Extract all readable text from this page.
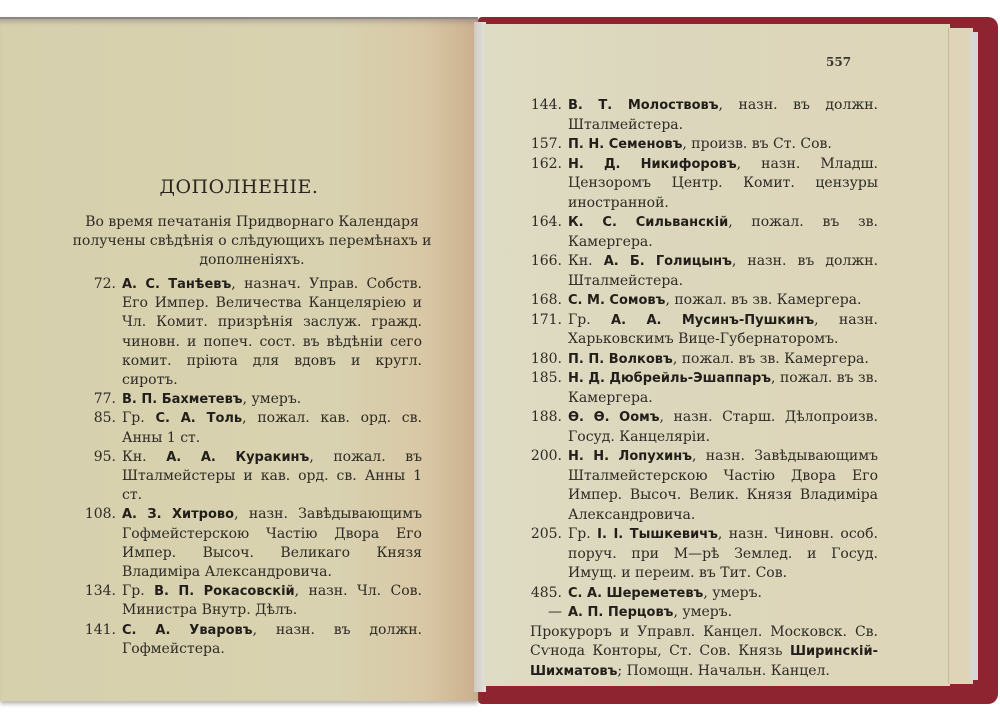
557
ДОПОЛНЕНІЕ.
Во время печатанія Придворнаго Календаря получены свѣдѣнія о слѣдующихъ перемѣнахъ и дополненіяхъ.
72. А. С. Танѣевъ, назнач. Управ. Собств. Его Импер. Величества Канцеляріею и Чл. Комит. призрѣнія заслуж. гражд. чиновн. и попеч. сост. въ вѣдѣніи сего комит. пріюта для вдовъ и кругл. сиротъ.
77. В. П. Бахметевъ, умеръ.
85. Гр. С. А. Толь, пожал. кав. орд. св. Анны 1 ст.
95. Кн. А. А. Куракинъ, пожал. въ Шталмейстеры и кав. орд. св. Анны 1 ст.
108. А. З. Хитрово, назн. Завѣдывающимъ Гофмейстерскою Частію Двора Его Импер. Высоч. Великаго Князя Владиміра Александровича.
134. Гр. В. П. Рокасовскій, назн. Чл. Сов. Министра Внутр. Дѣлъ.
141. С. А. Уваровъ, назн. въ должн. Гофмейстера.
144. В. Т. Молоствовъ, назн. въ должн. Шталмейстера.
157. П. Н. Семеновъ, произв. въ Ст. Сов.
162. Н. Д. Никифоровъ, назн. Младш. Цензоромъ Центр. Комит. цензуры иностранной.
164. К. С. Сильванскій, пожал. въ зв. Камергера.
166. Кн. А. Б. Голицынъ, назн. въ должн. Шталмейстера.
168. С. М. Сомовъ, пожал. въ зв. Камергера.
171. Гр. А. А. Мусинъ-Пушкинъ, назн. Харьковскимъ Вице-Губернаторомъ.
180. П. П. Волковъ, пожал. въ зв. Камергера.
185. Н. Д. Дюбрейль-Эшаппаръ, пожал. въ зв. Камергера.
188. Ѳ. Ѳ. Оомъ, назн. Старш. Дѣлопроизв. Госуд. Канцеляріи.
200. Н. Н. Лопухинъ, назн. Завѣдывающимъ Шталмейстерскою Частію Двора Его Импер. Высоч. Велик. Князя Владиміра Александровича.
205. Гр. І. І. Тышкевичъ, назн. Чиновн. особ. поруч. при М—рѣ Землед. и Госуд. Имущ. и переим. въ Тит. Сов.
485. С. А. Шереметевъ, умеръ.
— А. П. Перцовъ, умеръ.
Прокуроръ и Управл. Канцел. Московск. Св. Сѵнода Конторы, Ст. Сов. Князь Ширинскій-Шихматовъ; Помощн. Начальн. Канцел.
